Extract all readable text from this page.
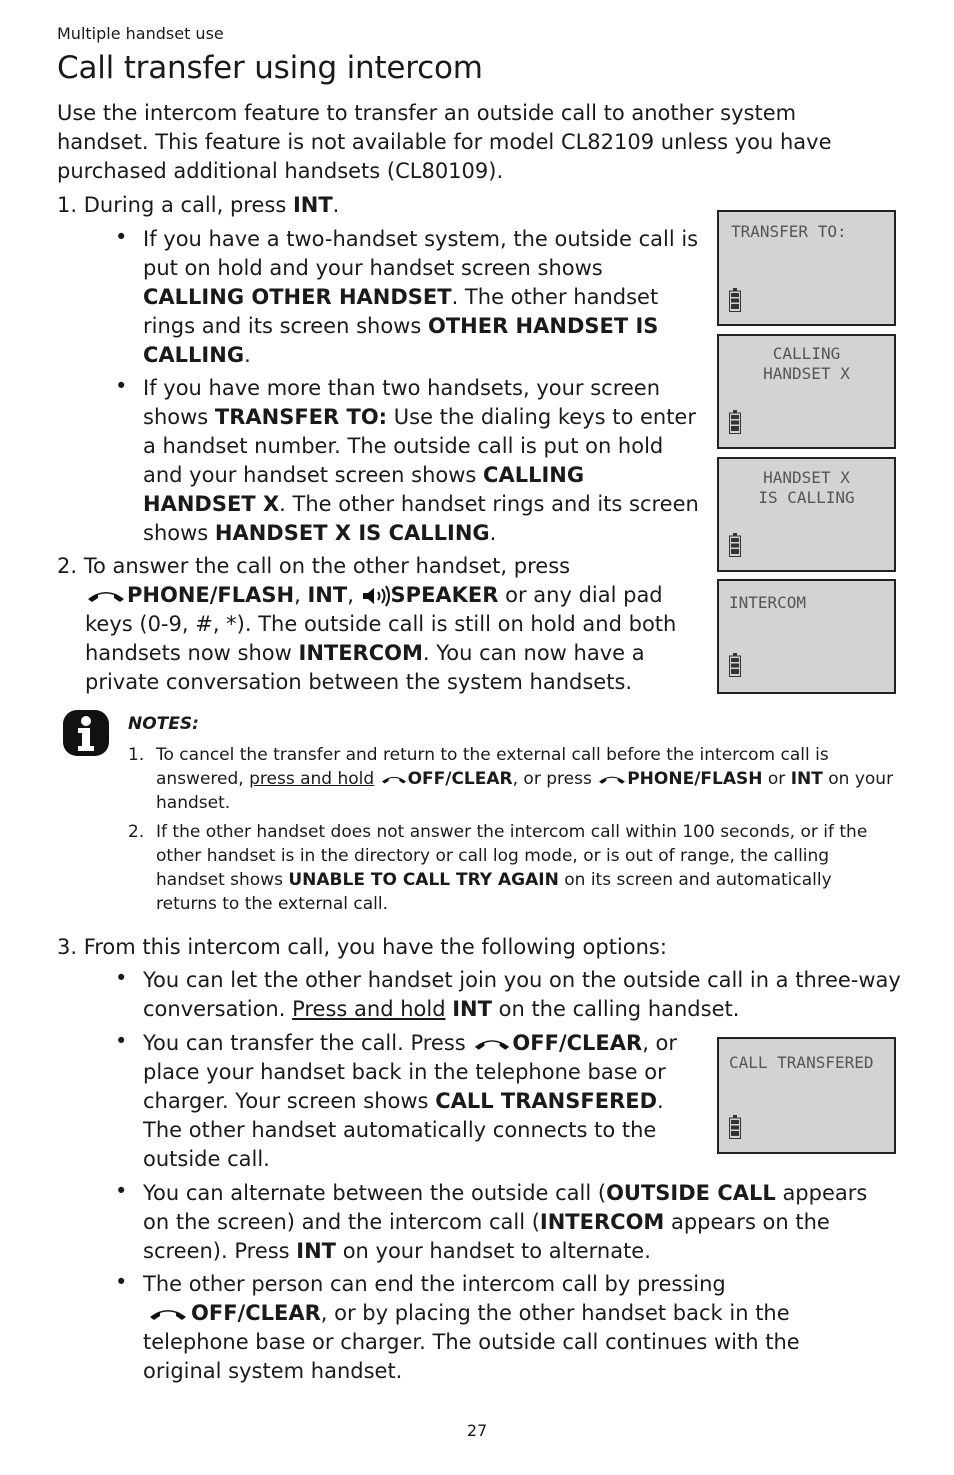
Multiple handset use
Call transfer using intercom
Use the intercom feature to transfer an outside call to another system handset. This feature is not available for model CL82109 unless you have purchased additional handsets (CL80109).
1. During a call, press INT.
• If you have a two-handset system, the outside call is put on hold and your handset screen shows CALLING OTHER HANDSET. The other handset rings and its screen shows OTHER HANDSET IS CALLING.
• If you have more than two handsets, your screen shows TRANSFER TO: Use the dialing keys to enter a handset number. The outside call is put on hold and your handset screen shows CALLING HANDSET X. The other handset rings and its screen shows HANDSET X IS CALLING.
2. To answer the call on the other handset, press
PHONE/FLASH, INT, SPEAKER or any dial pad keys (0-9, #, *). The outside call is still on hold and both handsets now show INTERCOM. You can now have a private conversation between the system handsets.
TRANSFER TO:
CALLING
HANDSET X
HANDSET X
IS CALLING
INTERCOM
NOTES:
1. To cancel the transfer and return to the external call before the intercom call is answered, press and hold OFF/CLEAR, or press PHONE/FLASH or INT on your handset.
2. If the other handset does not answer the intercom call within 100 seconds, or if the other handset is in the directory or call log mode, or is out of range, the calling handset shows UNABLE TO CALL TRY AGAIN on its screen and automatically returns to the external call.
3. From this intercom call, you have the following options:
• You can let the other handset join you on the outside call in a three-way conversation. Press and hold INT on the calling handset.
• You can transfer the call. Press OFF/CLEAR, or place your handset back in the telephone base or charger. Your screen shows CALL TRANSFERED. The other handset automatically connects to the outside call.
CALL TRANSFERED
• You can alternate between the outside call (OUTSIDE CALL appears on the screen) and the intercom call (INTERCOM appears on the screen). Press INT on your handset to alternate.
• The other person can end the intercom call by pressing
OFF/CLEAR, or by placing the other handset back in the telephone base or charger. The outside call continues with the original system handset.
27
